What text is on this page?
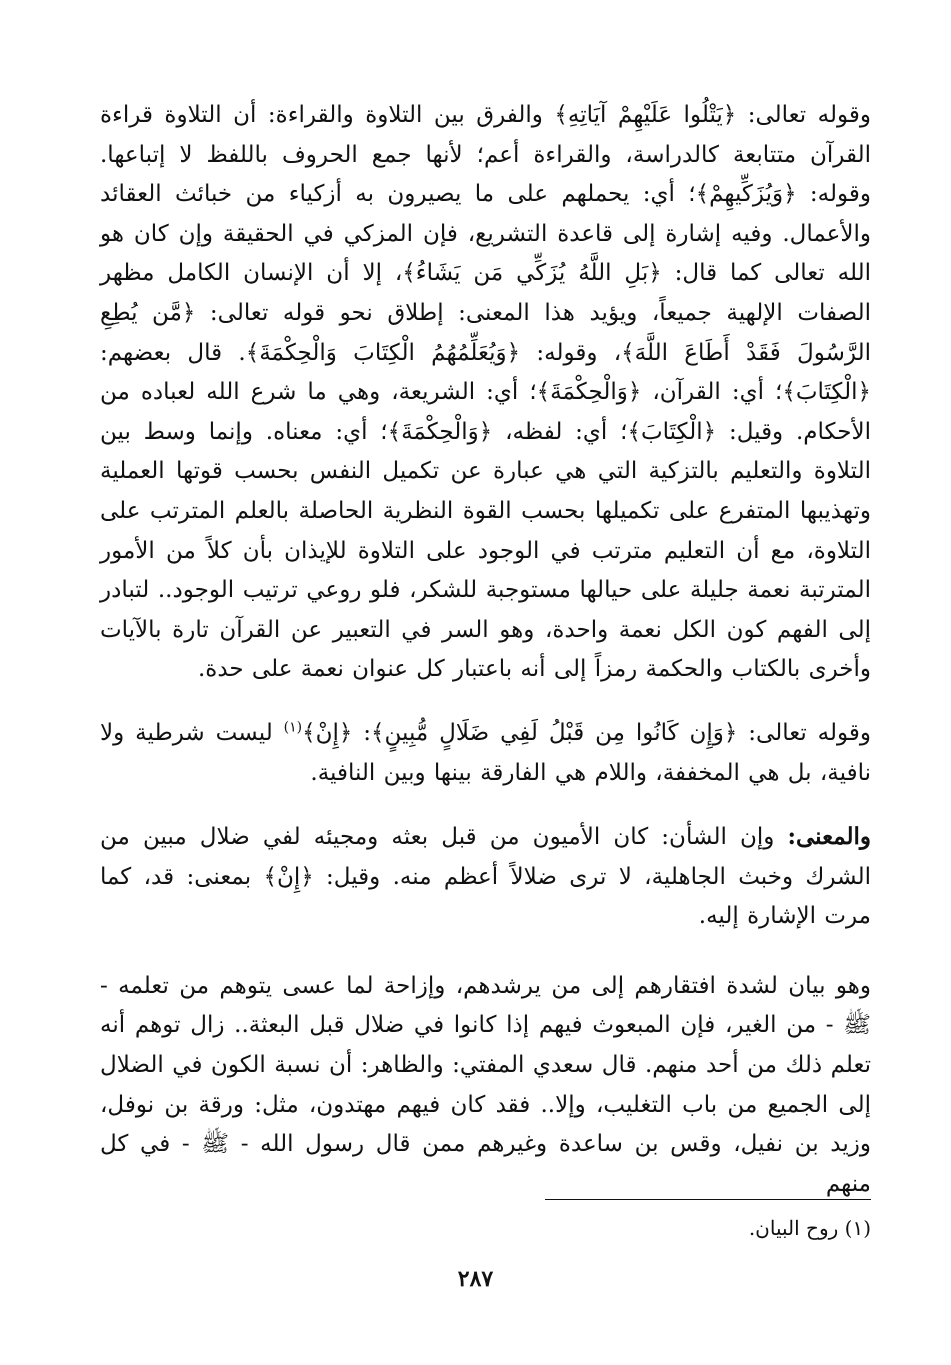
وقوله تعالى: ﴿يَتْلُوا عَلَيْهِمْ آيَاتِهِ﴾ والفرق بين التلاوة والقراءة: أن التلاوة قراءة القرآن متتابعة كالدراسة، والقراءة أعم؛ لأنها جمع الحروف باللفظ لا إتباعها. وقوله: ﴿وَيُزَكِّيهِمْ﴾؛ أي: يحملهم على ما يصيرون به أزكياء من خبائث العقائد والأعمال. وفيه إشارة إلى قاعدة التشريع، فإن المزكي في الحقيقة وإن كان هو الله تعالى كما قال: ﴿بَلِ اللَّهُ يُزَكِّي مَن يَشَاءُ﴾، إلا أن الإنسان الكامل مظهر الصفات الإلهية جميعاً، ويؤيد هذا المعنى: إطلاق نحو قوله تعالى: ﴿مَّن يُطِعِ الرَّسُولَ فَقَدْ أَطَاعَ اللَّهَ﴾، وقوله: ﴿وَيُعَلِّمُهُمُ الْكِتَابَ وَالْحِكْمَةَ﴾. قال بعضهم: ﴿الْكِتَابَ﴾؛ أي: القرآن، ﴿وَالْحِكْمَةَ﴾؛ أي: الشريعة، وهي ما شرع الله لعباده من الأحكام. وقيل: ﴿الْكِتَابَ﴾؛ أي: لفظه، ﴿وَالْحِكْمَةَ﴾؛ أي: معناه. وإنما وسط بين التلاوة والتعليم بالتزكية التي هي عبارة عن تكميل النفس بحسب قوتها العملية وتهذيبها المتفرع على تكميلها بحسب القوة النظرية الحاصلة بالعلم المترتب على التلاوة، مع أن التعليم مترتب في الوجود على التلاوة للإيذان بأن كلاً من الأمور المترتبة نعمة جليلة على حيالها مستوجبة للشكر، فلو روعي ترتيب الوجود.. لتبادر إلى الفهم كون الكل نعمة واحدة، وهو السر في التعبير عن القرآن تارة بالآيات وأخرى بالكتاب والحكمة رمزاً إلى أنه باعتبار كل عنوان نعمة على حدة.

وقوله تعالى: ﴿وَإِن كَانُوا مِن قَبْلُ لَفِي ضَلَالٍ مُّبِينٍ﴾: ﴿إِنْ﴾$^{(١)}$ ليست شرطية ولا نافية، بل هي المخففة، واللام هي الفارقة بينها وبين النافية.

والمعنى: وإن الشأن: كان الأميون من قبل بعثه ومجيئه لفي ضلال مبين من الشرك وخبث الجاهلية، لا ترى ضلالاً أعظم منه. وقيل: ﴿إِنْ﴾ بمعنى: قد، كما مرت الإشارة إليه.

وهو بيان لشدة افتقارهم إلى من يرشدهم، وإزاحة لما عسى يتوهم من تعلمه - ﷺ - من الغير، فإن المبعوث فيهم إذا كانوا في ضلال قبل البعثة.. زال توهم أنه تعلم ذلك من أحد منهم. قال سعدي المفتي: والظاهر: أن نسبة الكون في الضلال إلى الجميع من باب التغليب، وإلا.. فقد كان فيهم مهتدون، مثل: ورقة بن نوفل، وزيد بن نفيل، وقس بن ساعدة وغيرهم ممن قال رسول الله - ﷺ - في كل منهم

(١) روح البيان.
٢٨٧
